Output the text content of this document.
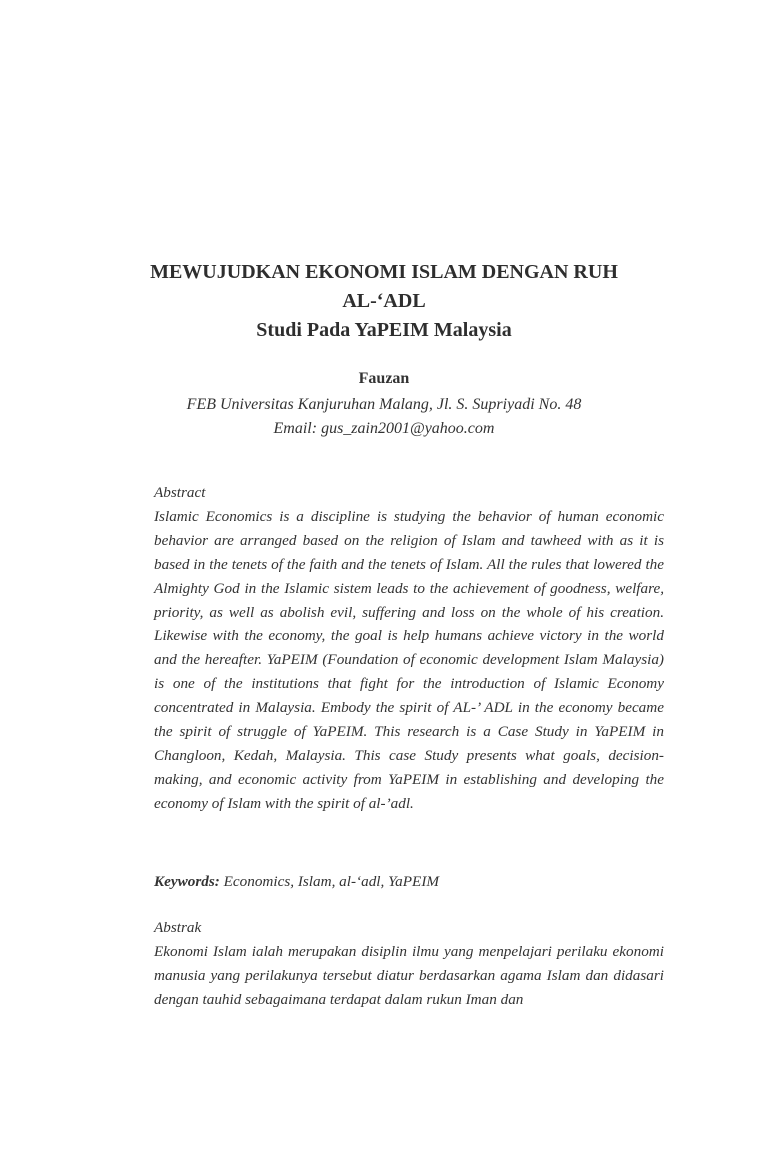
MEWUJUDKAN EKONOMI ISLAM DENGAN RUH
AL-‘ADL
Studi Pada YaPEIM Malaysia
Fauzan
FEB Universitas Kanjuruhan Malang, Jl. S. Supriyadi No. 48
Email: gus_zain2001@yahoo.com
Abstract
Islamic Economics is a discipline is studying the behavior of human economic behavior are arranged based on the religion of Islam and tawheed with as it is based in the tenets of the faith and the tenets of Islam. All the rules that lowered the Almighty God in the Islamic sistem leads to the achievement of goodness, welfare, priority, as well as abolish evil, suffering and loss on the whole of his creation. Likewise with the economy, the goal is help humans achieve victory in the world and the hereafter. YaPEIM (Foundation of economic development Islam Malaysia) is one of the institutions that fight for the introduction of Islamic Economy concentrated in Malaysia. Embody the spirit of AL-’ ADL in the economy became the spirit of struggle of YaPEIM. This research is a Case Study in YaPEIM in Changloon, Kedah, Malaysia. This case Study presents what goals, decision-making, and economic activity from YaPEIM in establishing and developing the economy of Islam with the spirit of al-’adl.
Keywords: Economics, Islam, al-‘adl, YaPEIM
Abstrak
Ekonomi Islam ialah merupakan disiplin ilmu yang menpelajari perilaku ekonomi manusia yang perilakunya tersebut diatur berdasarkan agama Islam dan didasari dengan tauhid sebagaimana terdapat dalam rukun Iman dan
